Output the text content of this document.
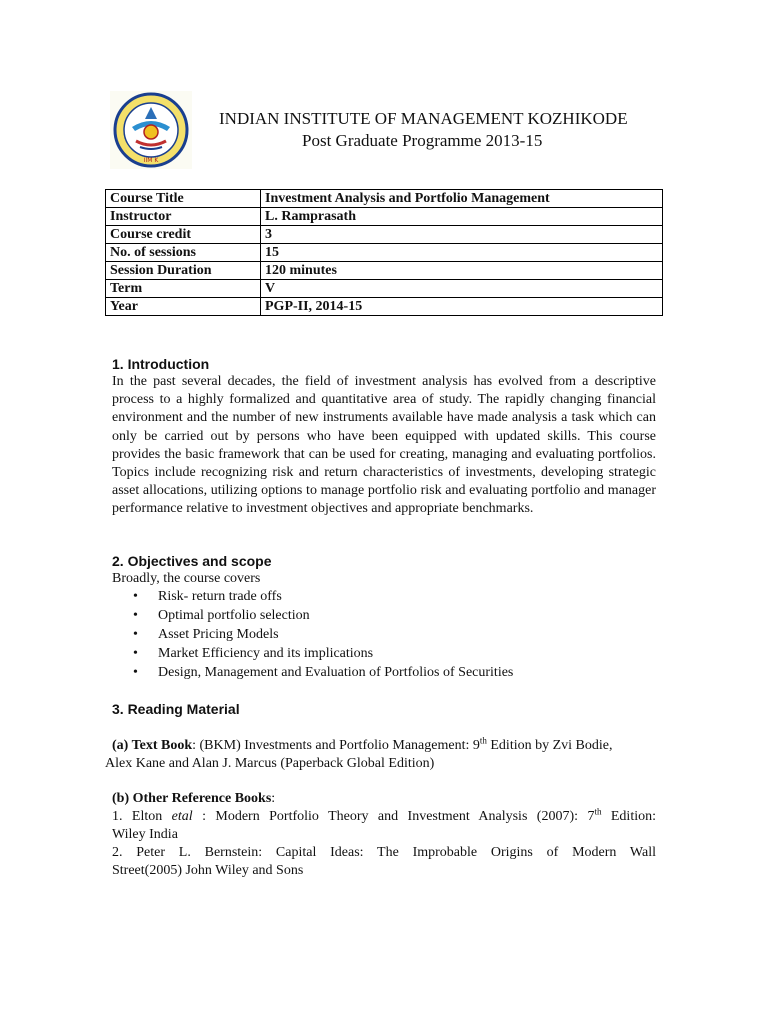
IIM K
INDIAN INSTITUTE OF MANAGEMENT KOZHIKODE
Post Graduate Programme 2013-15
Course Title	Investment Analysis and Portfolio Management
Instructor	L. Ramprasath
Course credit	3
No. of sessions	15
Session Duration	120 minutes
Term	V
Year	PGP-II, 2014-15
1. Introduction
In the past several decades, the field of investment analysis has evolved from a descriptive process to a highly formalized and quantitative area of study. The rapidly changing financial environment and the number of new instruments available have made analysis a task which can only be carried out by persons who have been equipped with updated skills. This course provides the basic framework that can be used for creating, managing and evaluating portfolios. Topics include recognizing risk and return characteristics of investments, developing strategic asset allocations, utilizing options to manage portfolio risk and evaluating portfolio and manager performance relative to investment objectives and appropriate benchmarks.
2. Objectives and scope
Broadly, the course covers
• Risk- return trade offs
• Optimal portfolio selection
• Asset Pricing Models
• Market Efficiency and its implications
• Design, Management and Evaluation of Portfolios of Securities
3. Reading Material
(a) Text Book: (BKM) Investments and Portfolio Management: 9th Edition by Zvi Bodie,
Alex Kane and Alan J. Marcus (Paperback Global Edition)
(b) Other Reference Books:
1. Elton etal : Modern Portfolio Theory and Investment Analysis (2007): 7th Edition:
Wiley India
2. Peter L. Bernstein: Capital Ideas: The Improbable Origins of Modern Wall
Street(2005) John Wiley and Sons
